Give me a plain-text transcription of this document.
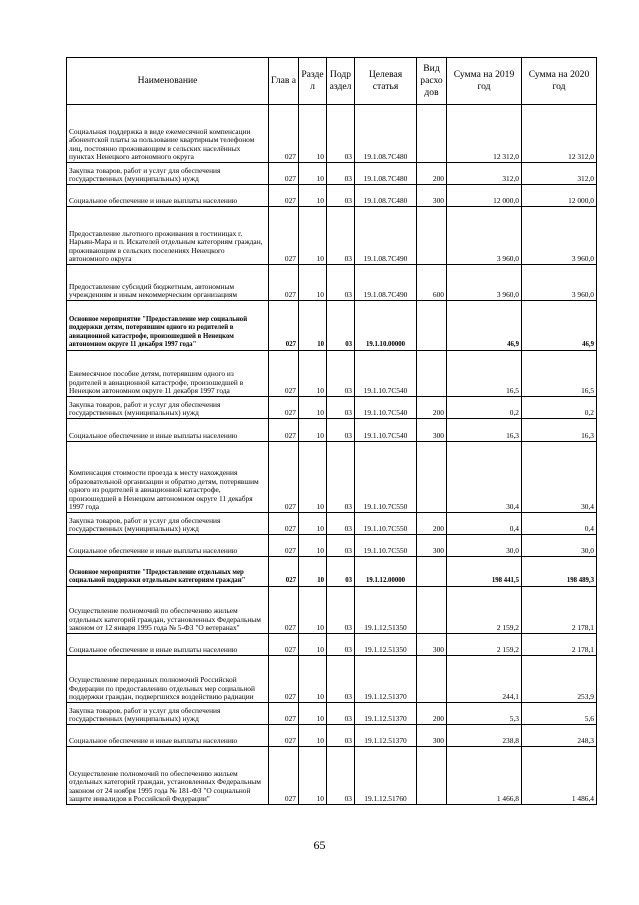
Наименование	Глав а	Разде л	Подр аздел	Целевая статья	Вид расхо дов	Сумма на 2019 год	Сумма на 2020 год
Социальная поддержка в виде ежемесячной компенсации абонентской платы за пользование квартирным телефоном лиц, постоянно проживающим в сельских населённых пунктах Ненецкого автономного округа	027	10	03	19.1.08.7С480		12 312,0	12 312,0
Закупка товаров, работ и услуг для обеспечения государственных (муниципальных) нужд	027	10	03	19.1.08.7С480	200	312,0	312,0
Социальное обеспечение и иные выплаты населению	027	10	03	19.1.08.7С480	300	12 000,0	12 000,0
Предоставление льготного проживания в гостиницах г. Нарьян-Мара и п. Искателей отдельным категориям граждан, проживающим в сельских поселениях Ненецкого автономного округа	027	10	03	19.1.08.7С490		3 960,0	3 960,0
Предоставление субсидий бюджетным, автономным учреждениям и иным некоммерческим организациям	027	10	03	19.1.08.7С490	600	3 960,0	3 960,0
Основное мероприятие "Предоставление мер социальной поддержки детям, потерявшим одного из родителей в авиационной катастрофе, произошедшей в Ненецком автономном округе 11 декабря 1997 года"	027	10	03	19.1.10.00000		46,9	46,9
Ежемесячное пособие детям, потерявшим одного из родителей в авиационной катастрофе, произошедшей в Ненецком автономном округе 11 декабря 1997 года	027	10	03	19.1.10.7С540		16,5	16,5
Закупка товаров, работ и услуг для обеспечения государственных (муниципальных) нужд	027	10	03	19.1.10.7С540	200	0,2	0,2
Социальное обеспечение и иные выплаты населению	027	10	03	19.1.10.7С540	300	16,3	16,3
Компенсация стоимости проезда к месту нахождения образовательной организации и обратно детям, потерявшим одного из родителей в авиационной катастрофе, произошедшей в Ненецком автономном округе 11 декабря 1997 года	027	10	03	19.1.10.7С550		30,4	30,4
Закупка товаров, работ и услуг для обеспечения государственных (муниципальных) нужд	027	10	03	19.1.10.7С550	200	0,4	0,4
Социальное обеспечение и иные выплаты населению	027	10	03	19.1.10.7С550	300	30,0	30,0
Основное мероприятие "Предоставление отдельных мер социальной поддержки отдельным категориям граждан"	027	10	03	19.1.12.00000		198 441,5	198 489,3
Осуществление полномочий по обеспечению жильем отдельных категорий граждан, установленных Федеральным законом от 12 января 1995 года № 5-ФЗ "О ветеранах"	027	10	03	19.1.12.51350		2 159,2	2 178,1
Социальное обеспечение и иные выплаты населению	027	10	03	19.1.12.51350	300	2 159,2	2 178,1
Осуществление переданных полномочий Российской Федерации по предоставлению отдельных мер социальной поддержки граждан, подвергшихся воздействию радиации	027	10	03	19.1.12.51370		244,1	253,9
Закупка товаров, работ и услуг для обеспечения государственных (муниципальных) нужд	027	10	03	19.1.12.51370	200	5,3	5,6
Социальное обеспечение и иные выплаты населению	027	10	03	19.1.12.51370	300	238,8	248,3
Осуществление полномочий по обеспечению жильем отдельных категорий граждан, установленных Федеральным законом от 24 ноября 1995 года № 181-ФЗ "О социальной защите инвалидов в Российской Федерации"	027	10	03	19.1.12.51760		1 466,8	1 486,4
65
